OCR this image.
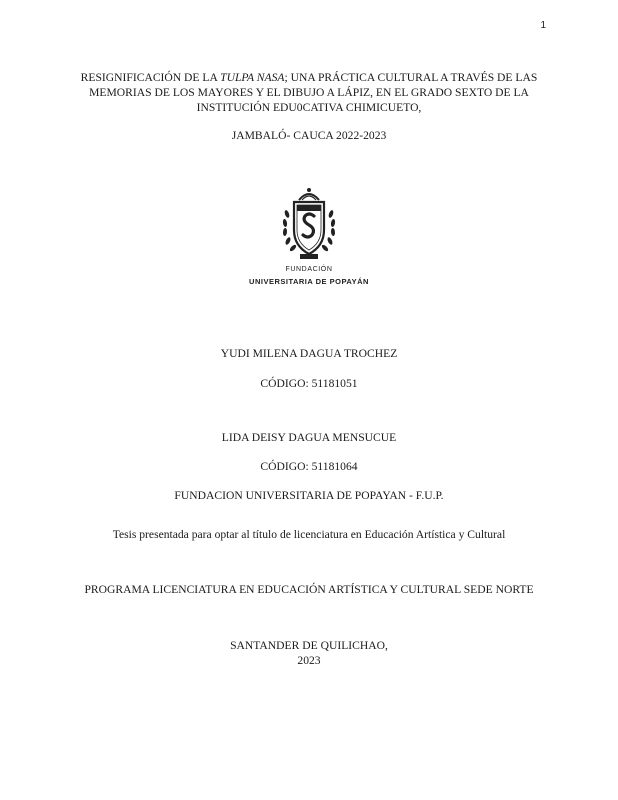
1
RESIGNIFICACIÓN DE LA TULPA NASA; UNA PRÁCTICA CULTURAL A TRAVÉS DE LAS MEMORIAS DE LOS MAYORES Y EL DIBUJO A LÁPIZ, EN EL GRADO SEXTO DE LA INSTITUCIÓN EDU0CATIVA CHIMICUETO,
JAMBALÓ- CAUCA 2022-2023
FUNDACIÓN
UNIVERSITARIA DE POPAYÁN
YUDI MILENA DAGUA TROCHEZ
CÓDIGO: 51181051
LIDA DEISY DAGUA MENSUCUE
CÓDIGO: 51181064
FUNDACION UNIVERSITARIA DE POPAYAN - F.U.P.
Tesis presentada para optar al título de licenciatura en Educación Artística y Cultural
PROGRAMA LICENCIATURA EN EDUCACIÓN ARTÍSTICA Y CULTURAL SEDE NORTE
SANTANDER DE QUILICHAO,
2023
